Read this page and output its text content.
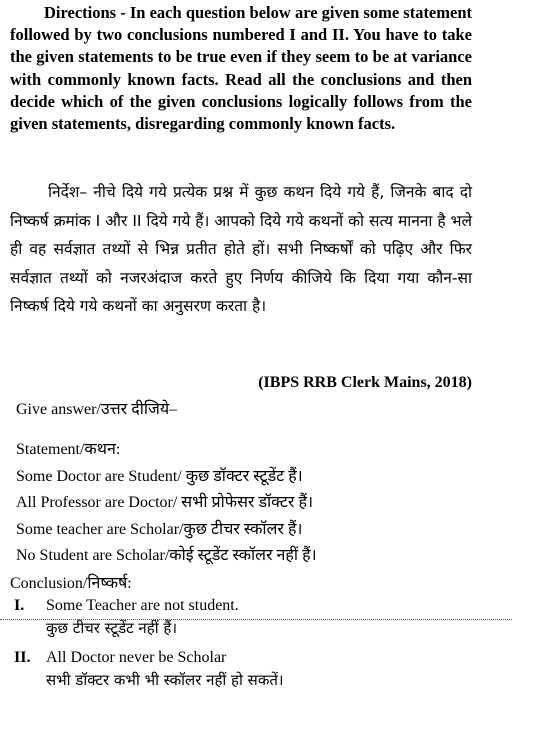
Directions - In each question below are given some statement followed by two conclusions numbered I and II. You have to take the given statements to be true even if they seem to be at variance with commonly known facts. Read all the conclusions and then decide which of the given conclusions logically follows from the given statements, disregarding commonly known facts.

निर्देश– नीचे दिये गये प्रत्येक प्रश्न में कुछ कथन दिये गये हैं, जिनके बाद दो निष्कर्ष क्रमांक I और II दिये गये हैं। आपको दिये गये कथनों को सत्य मानना है भले ही वह सर्वज्ञात तथ्यों से भिन्न प्रतीत होते हों। सभी निष्कर्षों को पढ़िए और फिर सर्वज्ञात तथ्यों को नजरअंदाज करते हुए निर्णय कीजिये कि दिया गया कौन-सा निष्कर्ष दिये गये कथनों का अनुसरण करता है।

(IBPS RRB Clerk Mains, 2018)

Give answer/उत्तर दीजिये–

Statement/कथन:
Some Doctor are Student/ कुछ डॉक्टर स्टूडेंट हैं।
All Professor are Doctor/ सभी प्रोफेसर डॉक्टर हैं।
Some teacher are Scholar/कुछ टीचर स्कॉलर हैं।
No Student are Scholar/कोई स्टूडेंट स्कॉलर नहीं हैं।

Conclusion/निष्कर्ष:

I. Some Teacher are not student.
कुछ टीचर स्टूडेंट नहीं हैं।
II. All Doctor never be Scholar
सभी डॉक्टर कभी भी स्कॉलर नहीं हो सकतें।
